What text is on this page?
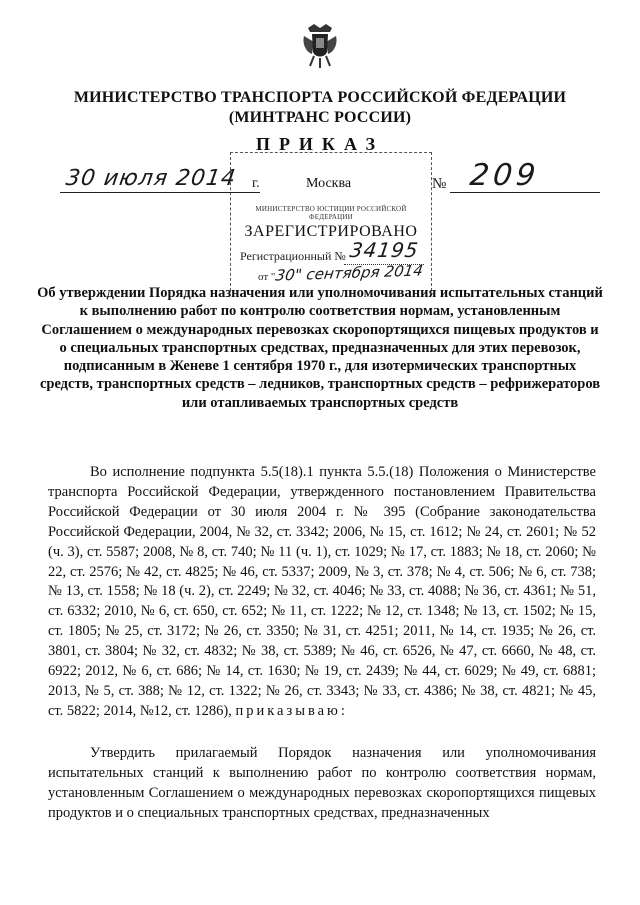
МИНИСТЕРСТВО ТРАНСПОРТА РОССИЙСКОЙ ФЕДЕРАЦИИ
(МИНТРАНС РОССИИ)
ПРИКАЗ
30 июля 2014 г.	Москва	№ 209
МИНИСТЕРСТВО ЮСТИЦИИ РОССИЙСКОЙ ФЕДЕРАЦИИ
ЗАРЕГИСТРИРОВАНО
Регистрационный № 34195
от "
30" сентября 2014
Об утверждении Порядка назначения или уполномочивания испытательных станций к выполнению работ по контролю соответствия нормам, установленным Соглашением о международных перевозках скоропортящихся пищевых продуктов и о специальных транспортных средствах, предназначенных для этих перевозок, подписанным в Женеве 1 сентября 1970 г., для изотермических транспортных средств, транспортных средств – ледников, транспортных средств – рефрижераторов или отапливаемых транспортных средств
Во исполнение подпункта 5.5(18).1 пункта 5.5.(18) Положения о Министерстве транспорта Российской Федерации, утвержденного постановлением Правительства Российской Федерации от 30 июля 2004 г. № 395 (Собрание законодательства Российской Федерации, 2004, № 32, ст. 3342; 2006, № 15, ст. 1612; № 24, ст. 2601; № 52 (ч. 3), ст. 5587; 2008, № 8, ст. 740; № 11 (ч. 1), ст. 1029; № 17, ст. 1883; № 18, ст. 2060; № 22, ст. 2576; № 42, ст. 4825; № 46, ст. 5337; 2009, № 3, ст. 378; № 4, ст. 506; № 6, ст. 738; № 13, ст. 1558; № 18 (ч. 2), ст. 2249; № 32, ст. 4046; № 33, ст. 4088; № 36, ст. 4361; № 51, ст. 6332; 2010, № 6, ст. 650, ст. 652; № 11, ст. 1222; № 12, ст. 1348; № 13, ст. 1502; № 15, ст. 1805; № 25, ст. 3172; № 26, ст. 3350; № 31, ст. 4251; 2011, № 14, ст. 1935; № 26, ст. 3801, ст. 3804; № 32, ст. 4832; № 38, ст. 5389; № 46, ст. 6526, № 47, ст. 6660, № 48, ст. 6922; 2012, № 6, ст. 686; № 14, ст. 1630; № 19, ст. 2439; № 44, ст. 6029; № 49, ст. 6881; 2013, № 5, ст. 388; № 12, ст. 1322; № 26, ст. 3343; № 33, ст. 4386; № 38, ст. 4821; № 45, ст. 5822; 2014, №12, ст. 1286), приказываю:
Утвердить прилагаемый Порядок назначения или уполномочивания испытательных станций к выполнению работ по контролю соответствия нормам, установленным Соглашением о международных перевозках скоропортящихся пищевых продуктов и о специальных транспортных средствах, предназначенных
